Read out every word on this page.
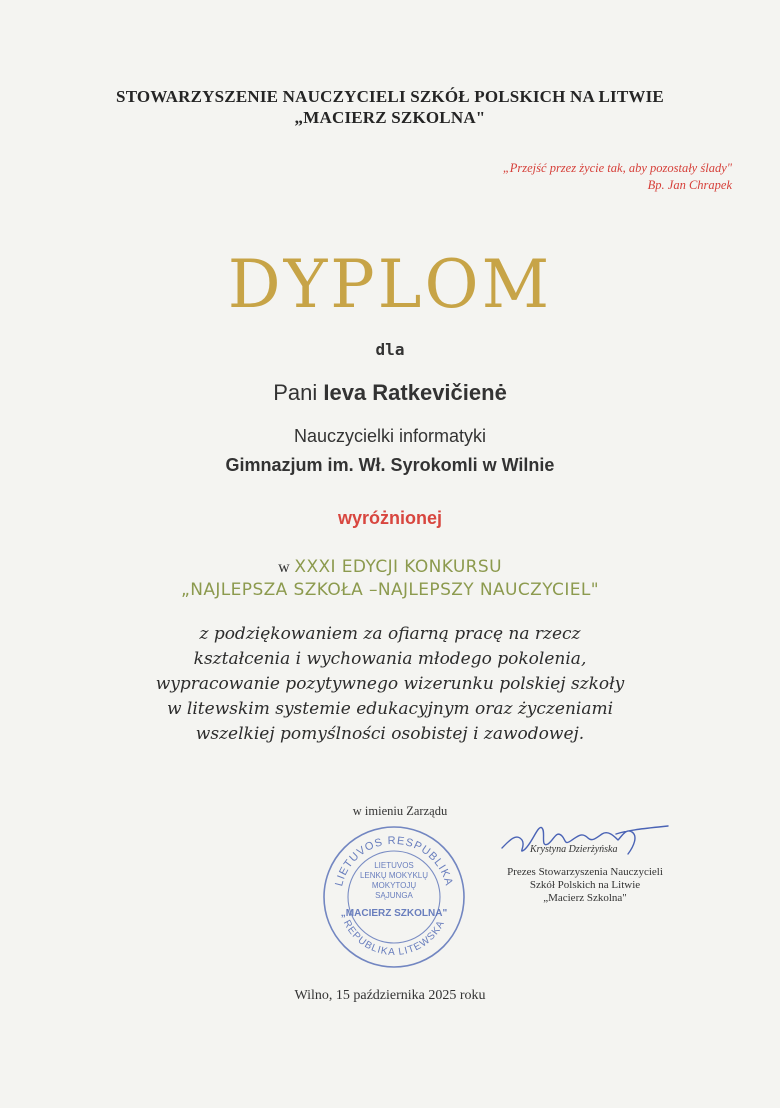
STOWARZYSZENIE NAUCZYCIELI SZKÓŁ POLSKICH NA LITWIE
„MACIERZ SZKOLNA"
„Przejść przez życie tak, aby pozostały ślady"
Bp. Jan Chrapek
DYPLOM
dla
Pani Ieva Ratkevičienė
Nauczycielki informatyki
Gimnazjum im. Wł. Syrokomli w Wilnie
wyróżnionej
w XXXI EDYCJI KONKURSU
„NAJLEPSZA SZKOŁA –NAJLEPSZY NAUCZYCIEL"
z podziękowaniem za ofiarną pracę na rzecz
kształcenia i wychowania młodego pokolenia,
wypracowanie pozytywnego wizerunku polskiej szkoły
w litewskim systemie edukacyjnym oraz życzeniami
wszelkiej pomyślności osobistej i zawodowej.
w imieniu Zarządu
LIETUVOS RESPUBLIKA
REPUBLIKA LITEWSKA
LIETUVOS
LENKŲ MOKYKLŲ
MOKYTOJŲ
SĄJUNGA
„MACIERZ SZKOLNA"
Krystyna Dzierżyńska
Prezes Stowarzyszenia Nauczycieli
Szkół Polskich na Litwie
„Macierz Szkolna"
Wilno, 15 października 2025 roku
